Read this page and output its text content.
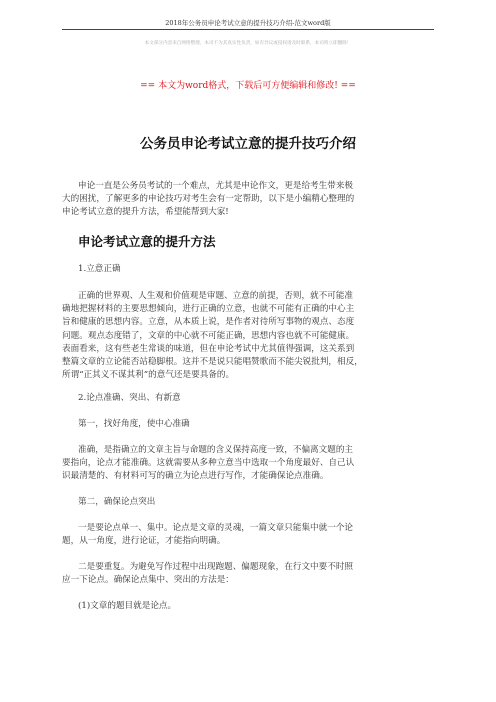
2018年公务员申论考试立意的提升技巧介绍-范文word版
本文部分内容来自网络整理，本司不为其真实性负责，如有异议或侵权请及时联系，本司将立即删除！
== 本文为word格式，下载后可方便编辑和修改! ==
公务员申论考试立意的提升技巧介绍
申论一直是公务员考试的一个难点，尤其是申论作文，更是给考生带来极
大的困扰，了解更多的申论技巧对考生会有一定帮助，以下是小编精心整理的
申论考试立意的提升方法，希望能帮到大家!
申论考试立意的提升方法
1.立意正确
正确的世界观、人生观和价值观是审题、立意的前提，否则，就不可能准
确地把握材料的主要思想倾向，进行正确的立意，也就不可能有正确的中心主
旨和健康的思想内容。立意，从本质上说，是作者对待所写事物的观点、态度
问题。观点态度错了，文章的中心就不可能正确，思想内容也就不可能健康。
表面看来，这有些老生常谈的味道，但在申论考试中尤其值得强调，这关系到
整篇文章的立论能否站稳脚根。这并不是说只能唱赞歌而不能尖锐批判，相反，
所谓“正其义不谋其利”的意气还是要具备的。
2.论点准确、突出、有新意
第一，找好角度，使中心准确
准确，是指确立的文章主旨与命题的含义保持高度一致，不偏离文题的主
要指向，论点才能准确。这就需要从多种立意当中选取一个角度最好、自己认
识最清楚的、有材料可写的确立为论点进行写作，才能确保论点准确。
第二，确保论点突出
一是要论点单一、集中。论点是文章的灵魂，一篇文章只能集中就一个论
题，从一角度，进行论证，才能指向明确。
二是要重复。为避免写作过程中出现跑题、偏题现象，在行文中要不时照
应一下论点。确保论点集中、突出的方法是：
(1)文章的题目就是论点。
